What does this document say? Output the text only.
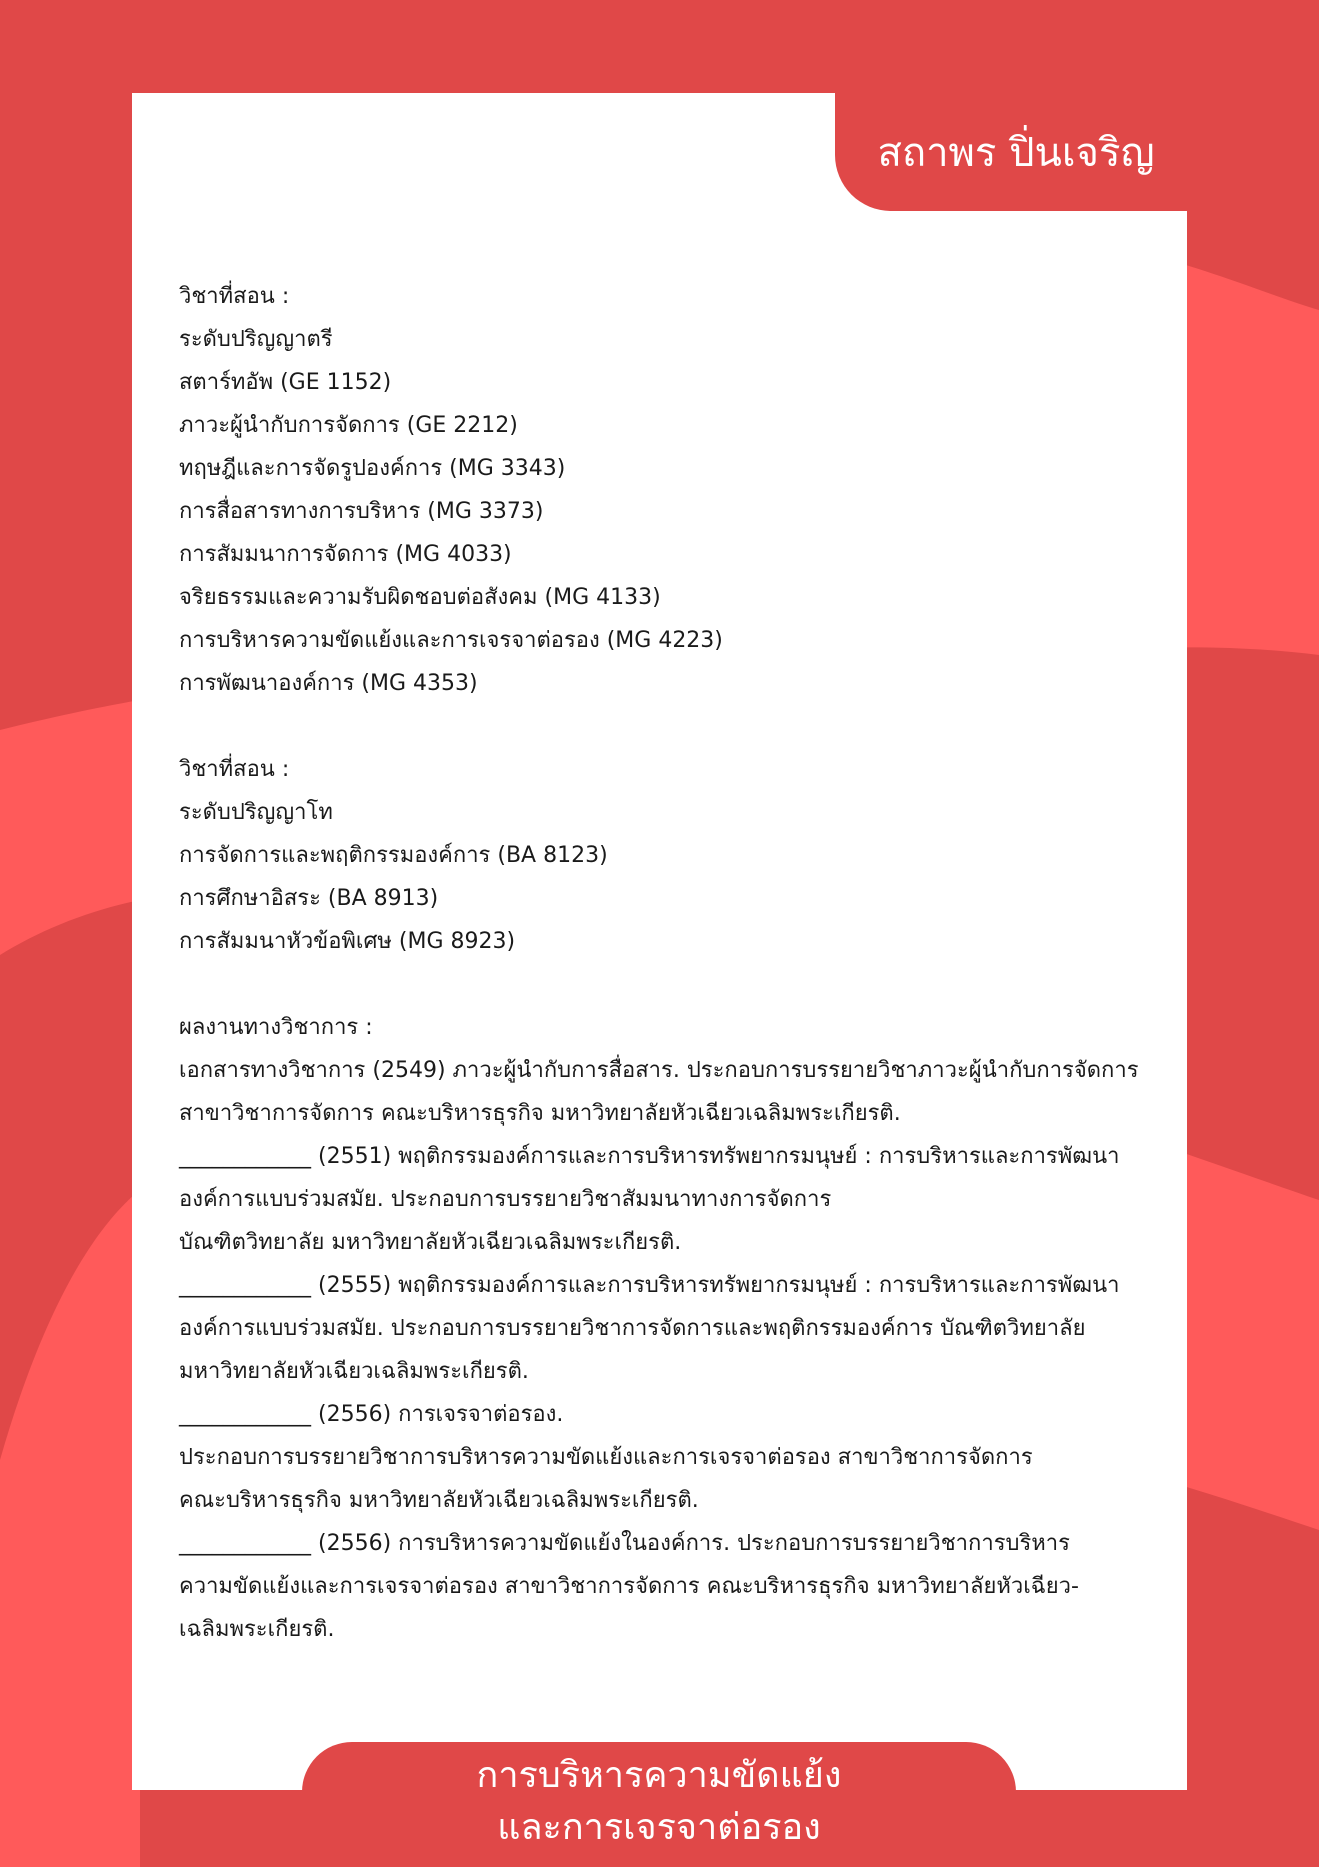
สถาพร ปิ่นเจริญ
วิชาที่สอน :
ระดับปริญญาตรี
สตาร์ทอัพ (GE 1152)
ภาวะผู้นำกับการจัดการ (GE 2212)
ทฤษฎีและการจัดรูปองค์การ (MG 3343)
การสื่อสารทางการบริหาร (MG 3373)
การสัมมนาการจัดการ (MG 4033)
จริยธรรมและความรับผิดชอบต่อสังคม (MG 4133)
การบริหารความขัดแย้งและการเจรจาต่อรอง (MG 4223)
การพัฒนาองค์การ (MG 4353)
วิชาที่สอน :
ระดับปริญญาโท
การจัดการและพฤติกรรมองค์การ (BA 8123)
การศึกษาอิสระ (BA 8913)
การสัมมนาหัวข้อพิเศษ (MG 8923)
ผลงานทางวิชาการ :
เอกสารทางวิชาการ (2549) ภาวะผู้นำกับการสื่อสาร. ประกอบการบรรยายวิชาภาวะผู้นำกับการจัดการ
สาขาวิชาการจัดการ คณะบริหารธุรกิจ มหาวิทยาลัยหัวเฉียวเฉลิมพระเกียรติ.
____________ (2551) พฤติกรรมองค์การและการบริหารทรัพยากรมนุษย์ : การบริหารและการพัฒนา
องค์การแบบร่วมสมัย. ประกอบการบรรยายวิชาสัมมนาทางการจัดการ
บัณฑิตวิทยาลัย มหาวิทยาลัยหัวเฉียวเฉลิมพระเกียรติ.
____________ (2555) พฤติกรรมองค์การและการบริหารทรัพยากรมนุษย์ : การบริหารและการพัฒนา
องค์การแบบร่วมสมัย. ประกอบการบรรยายวิชาการจัดการและพฤติกรรมองค์การ บัณฑิตวิทยาลัย
มหาวิทยาลัยหัวเฉียวเฉลิมพระเกียรติ.
____________ (2556) การเจรจาต่อรอง.
ประกอบการบรรยายวิชาการบริหารความขัดแย้งและการเจรจาต่อรอง สาขาวิชาการจัดการ
คณะบริหารธุรกิจ มหาวิทยาลัยหัวเฉียวเฉลิมพระเกียรติ.
____________ (2556) การบริหารความขัดแย้งในองค์การ. ประกอบการบรรยายวิชาการบริหาร
ความขัดแย้งและการเจรจาต่อรอง สาขาวิชาการจัดการ คณะบริหารธุรกิจ มหาวิทยาลัยหัวเฉียว-
เฉลิมพระเกียรติ.
การบริหารความขัดแย้ง
และการเจรจาต่อรอง
